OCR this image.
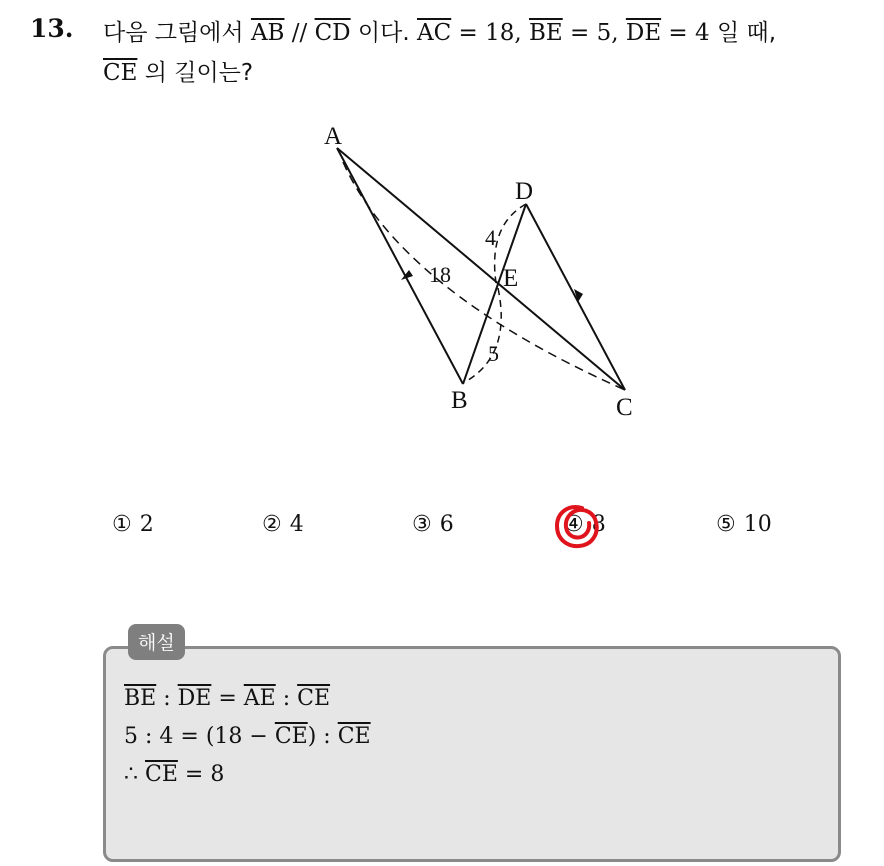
13. 다음 그림에서 $\overline{AB} // \overline{CD}$ 이다. $\overline{AC} = 18$, $\overline{BE} = 5$, $\overline{DE} = 4$ 일 때,
$\overline{CE}$ 의 길이는?
A
D
E
B	C
18
4
5
① 2	② 4	③ 6	④ 8	⑤ 10
해설
$\overline{BE}$ : $\overline{DE} = \overline{AE}$ : $\overline{CE}$
5 : $4 = (18 - \overline{CE})$ : $\overline{CE}$
∴ $\overline{CE} = 8$
